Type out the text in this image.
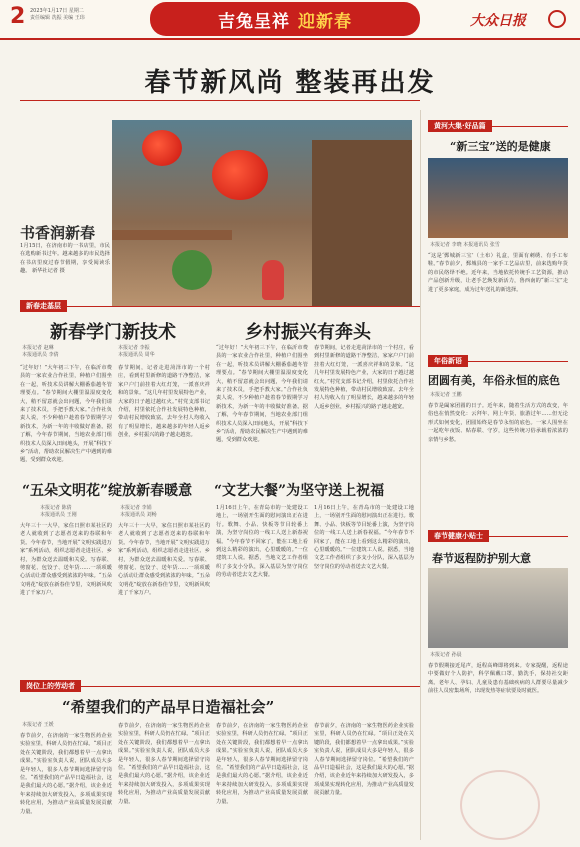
2 2023年1月17日 星期二
责任编辑 冼振 美编 王玮	吉兔呈祥 迎新春	大众日报
春节新风尚 整装再出发
书香润新春
1月15日，在济南市的一书店里，市民在选购新书过年。越来越多的市民选择在书店里度过春节假期，享受阅读乐趣。 新华社记者 摄
新春走基层
新春学门新技术	乡村振兴有奔头
本报记者 赵琳
本报通讯员 李倩
本报记者 李振
本报通讯员 周华
“过年好！”大年初三下午，在临沂市费县的一家农业合作社里，种植户们围坐在一起，听技术员讲解大棚番茄越冬管理要点。“春节期间大棚里温湿度变化大，稍不留意就会出问题，今年我们请来了技术员，手把手教大家。”合作社负责人说，不少种植户趁着春节假期学习新技术，为新一年的丰收做好准备。据了解，今年春节期间，当地农业部门组织技术人员深入田间地头，开展“科技下乡”活动，帮助农民解决生产中遇到的难题，受到群众欢迎。
春节期间，记者走进菏泽市的一个村庄，看到村里新修的道路干净整洁，家家户户门前挂着大红灯笼，一派喜庆祥和的景象。“这几年村里发展特色产业，大家的日子越过越红火。”村党支部书记介绍，村里依托合作社发展特色种植，带动村民增收致富。去年全村人均收入有了明显增长，越来越多的年轻人返乡创业，乡村振兴的路子越走越宽。
“过年好！”大年初三下午，在临沂市费县的一家农业合作社里，种植户们围坐在一起，听技术员讲解大棚番茄越冬管理要点。“春节期间大棚里温湿度变化大，稍不留意就会出问题，今年我们请来了技术员，手把手教大家。”合作社负责人说，不少种植户趁着春节假期学习新技术，为新一年的丰收做好准备。据了解，今年春节期间，当地农业部门组织技术人员深入田间地头，开展“科技下乡”活动，帮助农民解决生产中遇到的难题，受到群众欢迎。
春节期间，记者走进菏泽市的一个村庄，看到村里新修的道路干净整洁，家家户户门前挂着大红灯笼，一派喜庆祥和的景象。“这几年村里发展特色产业，大家的日子越过越红火。”村党支部书记介绍，村里依托合作社发展特色种植，带动村民增收致富。去年全村人均收入有了明显增长，越来越多的年轻人返乡创业，乡村振兴的路子越走越宽。
“五朵文明花”绽放新春暖意 “文艺大餐”为坚守送上祝福
本报记者 陈倩
本报通讯员 王刚
本报记者 李娟
本报通讯员 刘畅
大年三十一大早，家住日照市某社区的老人就收到了志愿者送来的春联和年货。今年春节，当地开展“文明实践进万家”系列活动，组织志愿者走进社区、乡村，为群众送去温暖和关爱。写春联、剪窗花、包饺子、送年货……一项项暖心活动让群众感受到浓浓的年味。“五朵文明花”绽放在新春佳节里，文明新风吹进了千家万户。
大年三十一大早，家住日照市某社区的老人就收到了志愿者送来的春联和年货。今年春节，当地开展“文明实践进万家”系列活动，组织志愿者走进社区、乡村，为群众送去温暖和关爱。写春联、剪窗花、包饺子、送年货……一项项暖心活动让群众感受到浓浓的年味。“五朵文明花”绽放在新春佳节里，文明新风吹进了千家万户。
1月16日上午，在青岛市的一处建设工地上，一场别开生面的慰问演出正在进行。歌舞、小品、快板等节目轮番上演，为坚守岗位的一线工人送上新春祝福。“今年春节不回家了，能在工地上看到这么精彩的演出，心里暖暖的。”一位建筑工人说。据悉，当地文艺工作者组织了多支小分队，深入基层为坚守岗位的劳动者送去文艺大餐。
1月16日上午，在青岛市的一处建设工地上，一场别开生面的慰问演出正在进行。歌舞、小品、快板等节目轮番上演，为坚守岗位的一线工人送上新春祝福。“今年春节不回家了，能在工地上看到这么精彩的演出，心里暖暖的。”一位建筑工人说。据悉，当地文艺工作者组织了多支小分队，深入基层为坚守岗位的劳动者送去文艺大餐。
岗位上的劳动者
“希望我们的产品早日造福社会”
本报记者 王媛
春节前夕，在济南的一家生物医药企业实验室里，科研人员仍在忙碌。“项目正处在关键阶段，我们都想着早一点拿出成果。”实验室负责人说，团队成员大多是年轻人，很多人春节期间选择留守岗位。“希望我们的产品早日造福社会，这是我们最大的心愿。”据介绍，该企业近年来持续加大研发投入，多项成果实现转化应用，为推动产业高质量发展贡献力量。
春节前夕，在济南的一家生物医药企业实验室里，科研人员仍在忙碌。“项目正处在关键阶段，我们都想着早一点拿出成果。”实验室负责人说，团队成员大多是年轻人，很多人春节期间选择留守岗位。“希望我们的产品早日造福社会，这是我们最大的心愿。”据介绍，该企业近年来持续加大研发投入，多项成果实现转化应用，为推动产业高质量发展贡献力量。
春节前夕，在济南的一家生物医药企业实验室里，科研人员仍在忙碌。“项目正处在关键阶段，我们都想着早一点拿出成果。”实验室负责人说，团队成员大多是年轻人，很多人春节期间选择留守岗位。“希望我们的产品早日造福社会，这是我们最大的心愿。”据介绍，该企业近年来持续加大研发投入，多项成果实现转化应用，为推动产业高质量发展贡献力量。
春节前夕，在济南的一家生物医药企业实验室里，科研人员仍在忙碌。“项目正处在关键阶段，我们都想着早一点拿出成果。”实验室负责人说，团队成员大多是年轻人，很多人春节期间选择留守岗位。“希望我们的产品早日造福社会，这是我们最大的心愿。”据介绍，该企业近年来持续加大研发投入，多项成果实现转化应用，为推动产业高质量发展贡献力量。
黄河大集·好品篇
“新三宝”送的是健康
本报记者 李晓 本报通讯员 张雪
“这是‘鄄城新三宝’（土布）礼盒，里面有刺绣、有手工布鞋。”春节前夕，鄄城县的一家手工艺品店里，前来选购年货的市民络绎不绝。近年来，当地依托传统手工艺资源，推动产品创新升级，让老手艺焕发新活力，鲁西南的“新三宝”走进了更多家庭，成为过年送礼的新选择。
年俗新语
团圆有美，年俗永恒的底色
本报记者 王鹏
春节是阖家团圆的日子。近年来，随着生活方式的改变，年俗也在悄然变化：云拜年、网上年货、旅游过年……但无论形式如何变化，团圆始终是春节永恒的底色。一家人围坐在一起吃年夜饭、贴春联、守岁，这些传统习俗承载着浓浓的亲情与乡愁。
春节健康小贴士
春节返程防护别大意
本报记者 孙晨
春节假期接近尾声，返程高峰即将到来。专家提醒，返程途中要做好个人防护，科学佩戴口罩，勤洗手，保持社交距离。老年人、孕妇、儿童及患有基础疾病的人群要尽量减少前往人员密集场所，出现发热等症状要及时就医。
